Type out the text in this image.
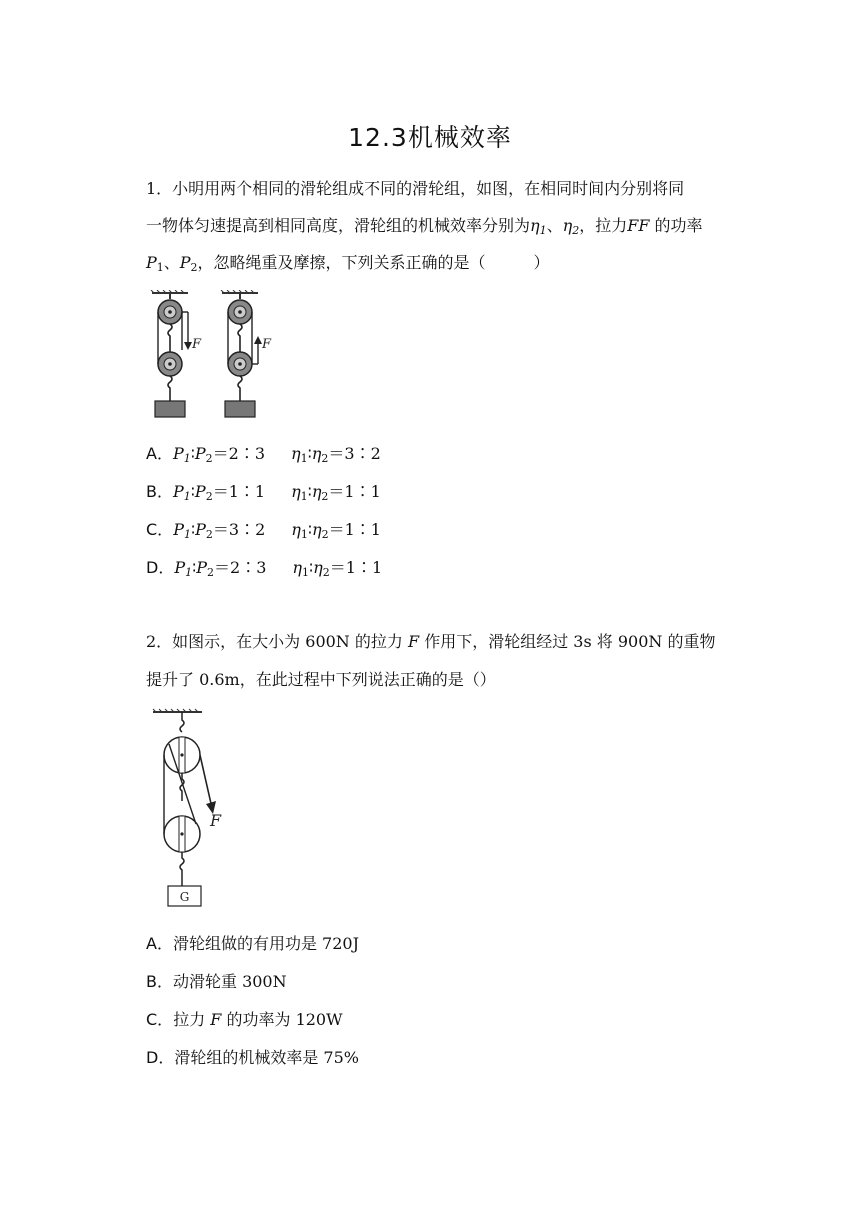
12.3机械效率
1．小明用两个相同的滑轮组成不同的滑轮组，如图，在相同时间内分别将同
一物体匀速提高到相同高度，滑轮组的机械效率分别为$\eta_1$、$\eta_2$，拉力FF 的功率
$P_1$、$P_2$，忽略绳重及摩擦，下列关系正确的是（　　　）
F	F
A．$P_1∶P_2=2∶3$ $\eta_1∶\eta_2=3∶2$
B．$P_1∶P_2=1∶1$ $\eta_1∶\eta_2=1∶1$
C．$P_1∶P_2=3∶2$ $\eta_1∶\eta_2=1∶1$
D．$P_1∶P_2=2∶3$ $\eta_1∶\eta_2=1∶1$
2．如图示，在大小为 600N 的拉力 F 作用下，滑轮组经过 3s 将 900N 的重物
提升了 0.6m，在此过程中下列说法正确的是（）
F
G
A．滑轮组做的有用功是 720J
B．动滑轮重 300N
C．拉力 F 的功率为 120W
D．滑轮组的机械效率是 75%
